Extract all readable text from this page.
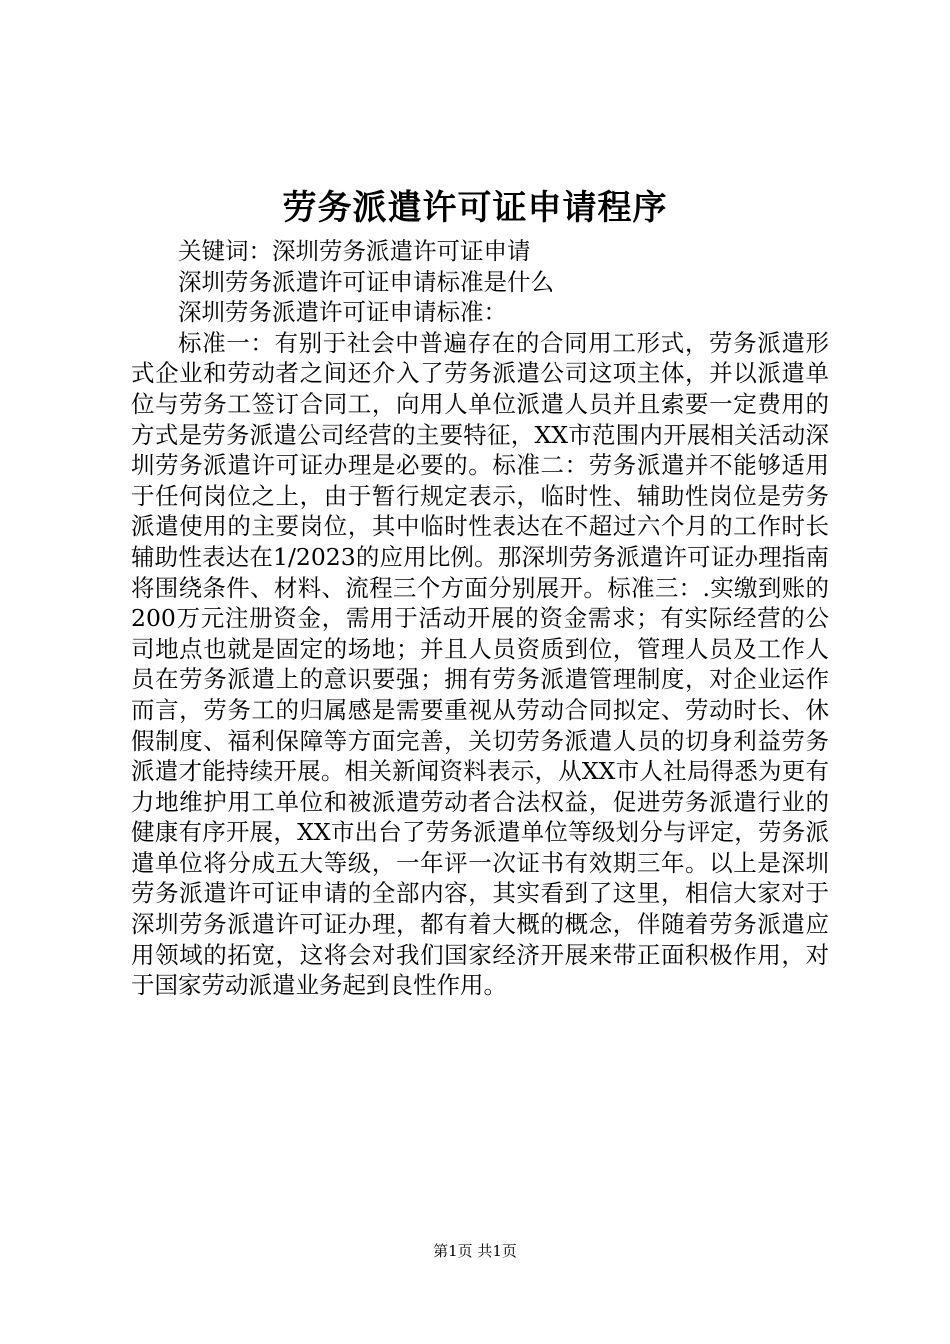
劳务派遣许可证申请程序

关键词：深圳劳务派遣许可证申请

深圳劳务派遣许可证申请标准是什么

深圳劳务派遣许可证申请标准：

标准一：有别于社会中普遍存在的合同用工形式，劳务派遣形式企业和劳动者之间还介入了劳务派遣公司这项主体，并以派遣单位与劳务工签订合同工，向用人单位派遣人员并且索要一定费用的方式是劳务派遣公司经营的主要特征，XX市范围内开展相关活动深圳劳务派遣许可证办理是必要的。标准二：劳务派遣并不能够适用于任何岗位之上，由于暂行规定表示，临时性、辅助性岗位是劳务派遣使用的主要岗位，其中临时性表达在不超过六个月的工作时长辅助性表达在1/2023的应用比例。那深圳劳务派遣许可证办理指南将围绕条件、材料、流程三个方面分别展开。标准三：.实缴到账的200万元注册资金，需用于活动开展的资金需求；有实际经营的公司地点也就是固定的场地；并且人员资质到位，管理人员及工作人员在劳务派遣上的意识要强；拥有劳务派遣管理制度，对企业运作而言，劳务工的归属感是需要重视从劳动合同拟定、劳动时长、休假制度、福利保障等方面完善，关切劳务派遣人员的切身利益劳务派遣才能持续开展。相关新闻资料表示，从XX市人社局得悉为更有力地维护用工单位和被派遣劳动者合法权益，促进劳务派遣行业的健康有序开展，XX市出台了劳务派遣单位等级划分与评定，劳务派遣单位将分成五大等级，一年评一次证书有效期三年。以上是深圳劳务派遣许可证申请的全部内容，其实看到了这里，相信大家对于深圳劳务派遣许可证办理，都有着大概的概念，伴随着劳务派遣应用领域的拓宽，这将会对我们国家经济开展来带正面积极作用，对于国家劳动派遣业务起到良性作用。

第1页 共1页
